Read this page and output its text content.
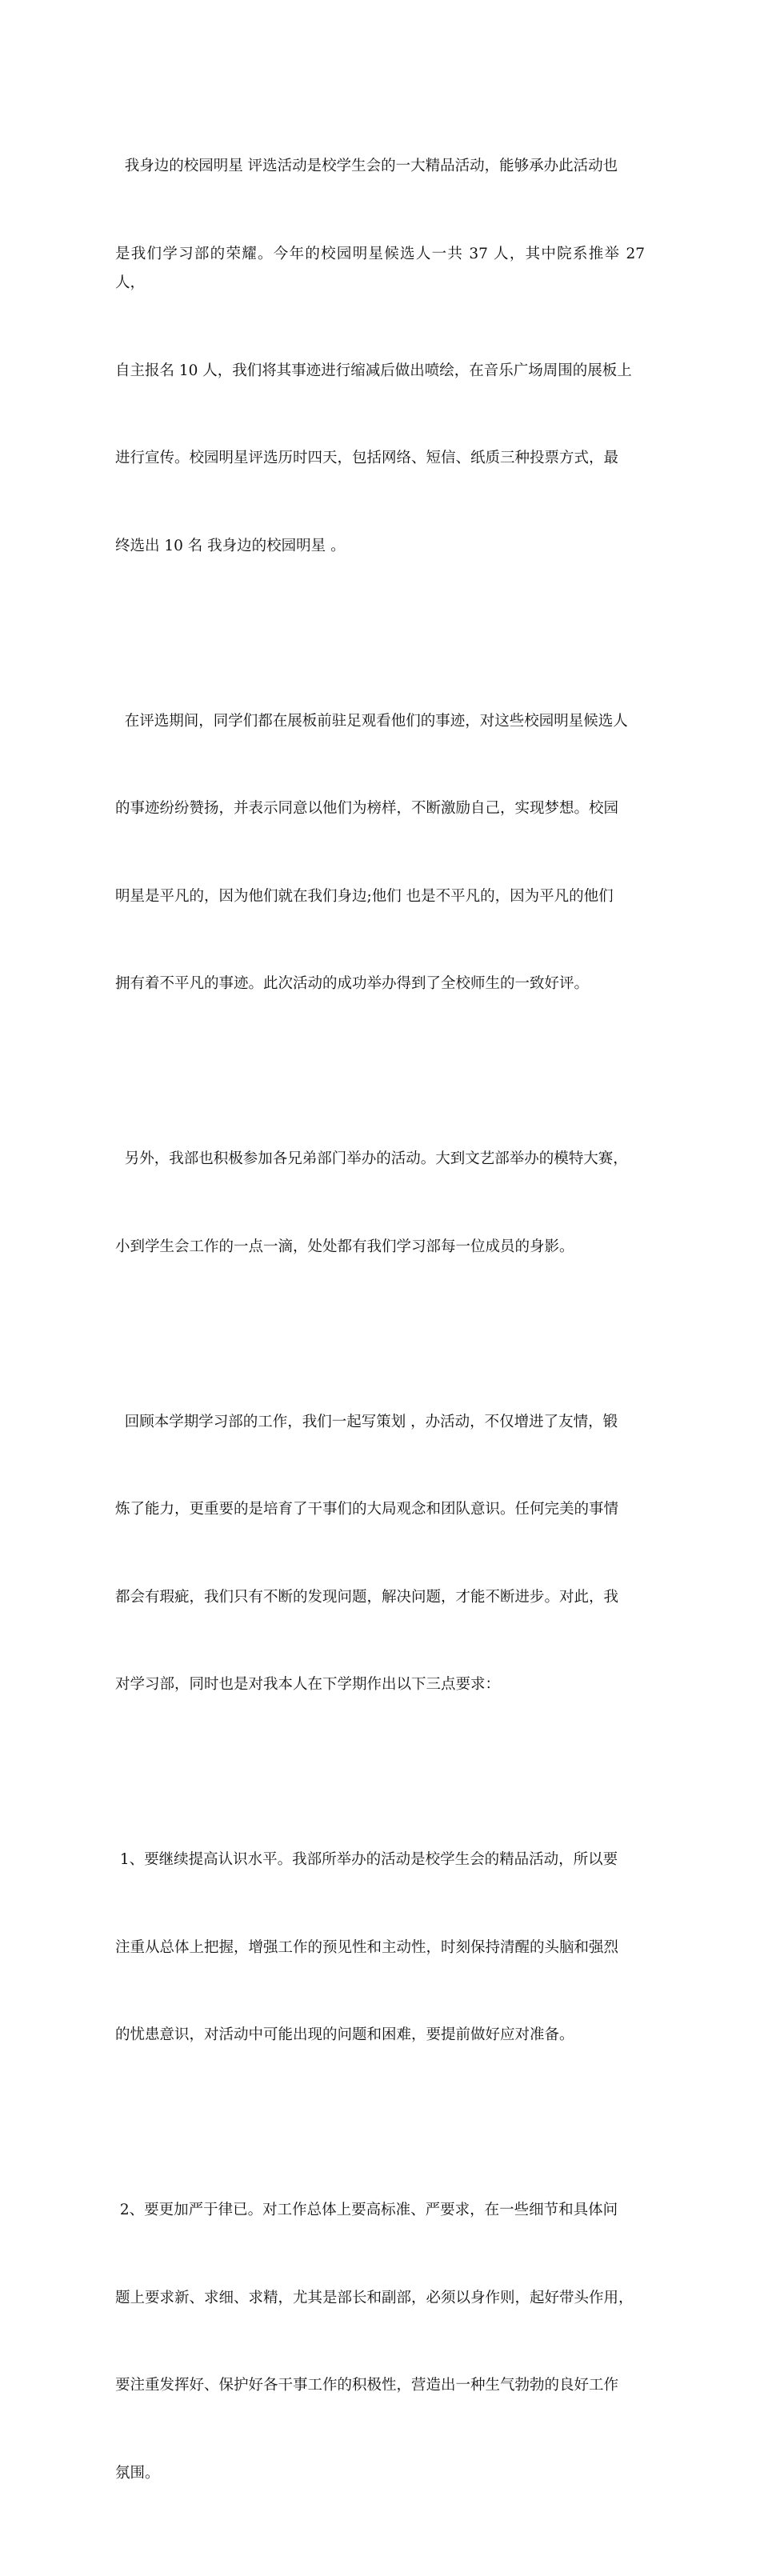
我身边的校园明星 评选活动是校学生会的一大精品活动，能够承办此活动也

是我们学习部的荣耀。今年的校园明星候选人一共 37 人，其中院系推举 27 人，

自主报名 10 人，我们将其事迹进行缩减后做出喷绘，在音乐广场周围的展板上

进行宣传。校园明星评选历时四天，包括网络、短信、纸质三种投票方式，最

终选出 10 名 我身边的校园明星 。

在评选期间，同学们都在展板前驻足观看他们的事迹，对这些校园明星候选人

的事迹纷纷赞扬，并表示同意以他们为榜样，不断激励自己，实现梦想。校园

明星是平凡的，因为他们就在我们身边;他们 也是不平凡的，因为平凡的他们

拥有着不平凡的事迹。此次活动的成功举办得到了全校师生的一致好评。

另外，我部也积极参加各兄弟部门举办的活动。大到文艺部举办的模特大赛，

小到学生会工作的一点一滴，处处都有我们学习部每一位成员的身影。

回顾本学期学习部的工作，我们一起写策划 ，办活动，不仅增进了友情，锻

炼了能力，更重要的是培育了干事们的大局观念和团队意识。任何完美的事情

都会有瑕疵，我们只有不断的发现问题，解决问题，才能不断进步。对此，我

对学习部，同时也是对我本人在下学期作出以下三点要求：

1、要继续提高认识水平。我部所举办的活动是校学生会的精品活动，所以要

注重从总体上把握，增强工作的预见性和主动性，时刻保持清醒的头脑和强烈

的忧患意识，对活动中可能出现的问题和困难，要提前做好应对准备。

2、要更加严于律已。对工作总体上要高标准、严要求，在一些细节和具体问

题上要求新、求细、求精，尤其是部长和副部，必须以身作则，起好带头作用，

要注重发挥好、保护好各干事工作的积极性，营造出一种生气勃勃的良好工作

氛围。
